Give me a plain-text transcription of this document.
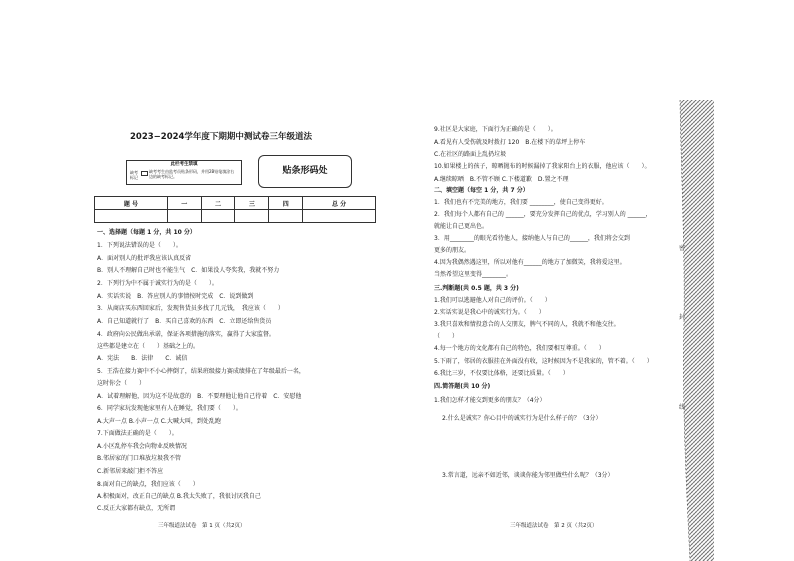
2023−2024学年度下期期中测试卷三年级道法
此栏考生禁填
缺考
标记
缺考考生由监考员贴条形码，并用2B铅笔填涂右边的缺考标记。
贴条形码处
题 号	一	二	三	四	总 分

一、选择题（每题 1 分，共 10 分）
1．下列说法错误的是（　　）。
A．面对别人的批评我应该认真反省
B．别人不理解自己时也不能生气　C．如果没人夸奖我，我就不努力
2．下列行为中不属于诚实行为的是（　　）。
A．实话实说　B．答应别人的事情按时完成　C．说到做到
3．从商店买东西回家后，发现售货员多找了几元钱，　我应该（　　）
A．自己知道就行了　B．买自己喜欢的东西　C．立即还给售货员
4．政府向公民做出承诺，保证各项措施的落实，赢得了大家监督。
这些都是建立在（　　）基础之上的。
A．宪法　　B．法律　　C．诚信
5．王浩在接力赛中不小心摔倒了，结果班级接力赛成绩排在了年级最后一名，
这时你会（　　）
A．试着理解他，因为这不是故意的　B．不要理他让他自己待着　C．安慰他
6．同学家玩发现他家里有人在睡觉，我们要（　　）。
A.大声一点 B.小声一点 C.大喊大叫，到处乱跑
7.下面做法正确的是（　　）。
A.小区乱停车我会向物业反映情况
B.邻居家的门口堆放垃圾我不管
C.新邻居来敲门拒不答应
8.面对自己的缺点，我们应该（　　）
A.积极面对，改正自己的缺点 B.我太失败了，我很讨厌我自己
C.反正大家都有缺点，无所谓
三年级道法试卷　第 1 页（共2页）
9.社区是大家庭，下面行为正确的是（　　）。
A.看见有人受伤就及时拨打 120　B.在楼下的草坪上停车
C.在社区的路面上乱扔垃圾
10.如果楼上的孩子，晾晒抛布的时候漏掉了我家阳台上的衣服，他应该（　　）。
A.继续晾晒　B.不管不顾 C.下楼道歉　D.置之不理
二、填空题（每空 1 分，共 7 分）
1．我们也有不完美的地方，我们要 ________，使自己变得更好。
2．我们每个人都有自己的 ______，要充分发挥自己的优点，学习别人的 ______，
就能让自己更出色。
3．用________的眼光看待他人，接纳他人与自己的______，我们将会交到
更多的朋友。
4.因为我偶然遇这里，所以对他有______的地方了加微笑，我将爱这里。
当然希望这里变得________。
三.判断题(共 0.5 题，共 3 分)
1.我们可以逃避他人对自己的评价。（　　）
2.实话实说是我心中的诚实行为。（　　）
3.我只喜欢和情投意合的人交朋友，脾气不同的人，我就不和他交往。
（　　）
4.每一个地方的文化都有自己的特色，我们要相互尊重。（　　）
5.下雨了，邻居的衣服挂在外面没有收，这时候因为不是我家的，管不着。（　　）
6.我比三岁，不仅要比体格，还要比质量。（　　）
四.简答题(共 10 分)
1.我们怎样才能交到更多的朋友？（4分）
2.什么是诚实？你心目中的诚实行为是什么样子的？（3分）
3.常言道，远亲不如近邻，谈谈你能为邻里做些什么呢？（3分）
三年级道法试卷　第 2 页（共2页）
密
封
线
